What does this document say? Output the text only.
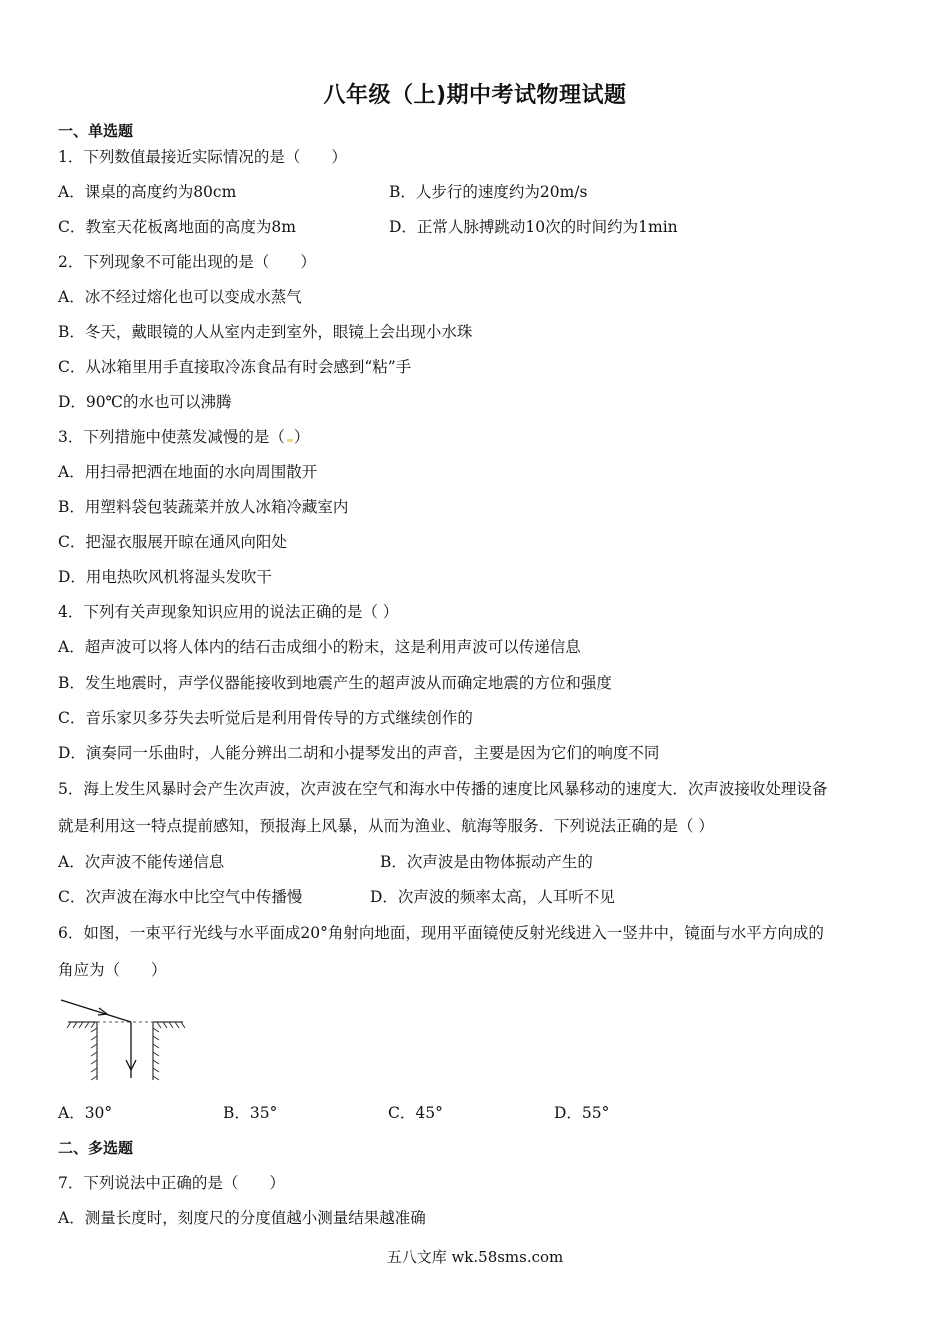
八年级（上)期中考试物理试题
一、单选题
1．下列数值最接近实际情况的是（　　）
A．课桌的高度约为80cm	B．人步行的速度约为20m/s
C．教室天花板离地面的高度为8m	D．正常人脉搏跳动10次的时间约为1min
2．下列现象不可能出现的是（　　）
A．冰不经过熔化也可以变成水蒸气
B．冬天，戴眼镜的人从室内走到室外，眼镜上会出现小水珠
C．从冰箱里用手直接取冷冻食品有时会感到“粘”手
D．90℃的水也可以沸腾
3．下列措施中使蒸发减慢的是（ ）
A．用扫帚把洒在地面的水向周围散开
B．用塑料袋包装蔬菜并放人冰箱冷藏室内
C．把湿衣服展开晾在通风向阳处
D．用电热吹风机将湿头发吹干
4．下列有关声现象知识应用的说法正确的是（ ）
A．超声波可以将人体内的结石击成细小的粉末，这是利用声波可以传递信息
B．发生地震时，声学仪器能接收到地震产生的超声波从而确定地震的方位和强度
C．音乐家贝多芬失去听觉后是利用骨传导的方式继续创作的
D．演奏同一乐曲时，人能分辨出二胡和小提琴发出的声音，主要是因为它们的响度不同
5．海上发生风暴时会产生次声波，次声波在空气和海水中传播的速度比风暴移动的速度大．次声波接收处理设备
就是利用这一特点提前感知，预报海上风暴，从而为渔业、航海等服务．下列说法正确的是（ ）
A．次声波不能传递信息	B．次声波是由物体振动产生的
C．次声波在海水中比空气中传播慢	D．次声波的频率太高，人耳听不见
6．如图，一束平行光线与水平面成20°角射向地面，现用平面镜使反射光线进入一竖井中，镜面与水平方向成的
角应为（　　）
A．30°	B．35°	C．45°	D．55°
二、多选题
7．下列说法中正确的是（　　）
A．测量长度时，刻度尺的分度值越小测量结果越准确
五八文库 wk.58sms.com
